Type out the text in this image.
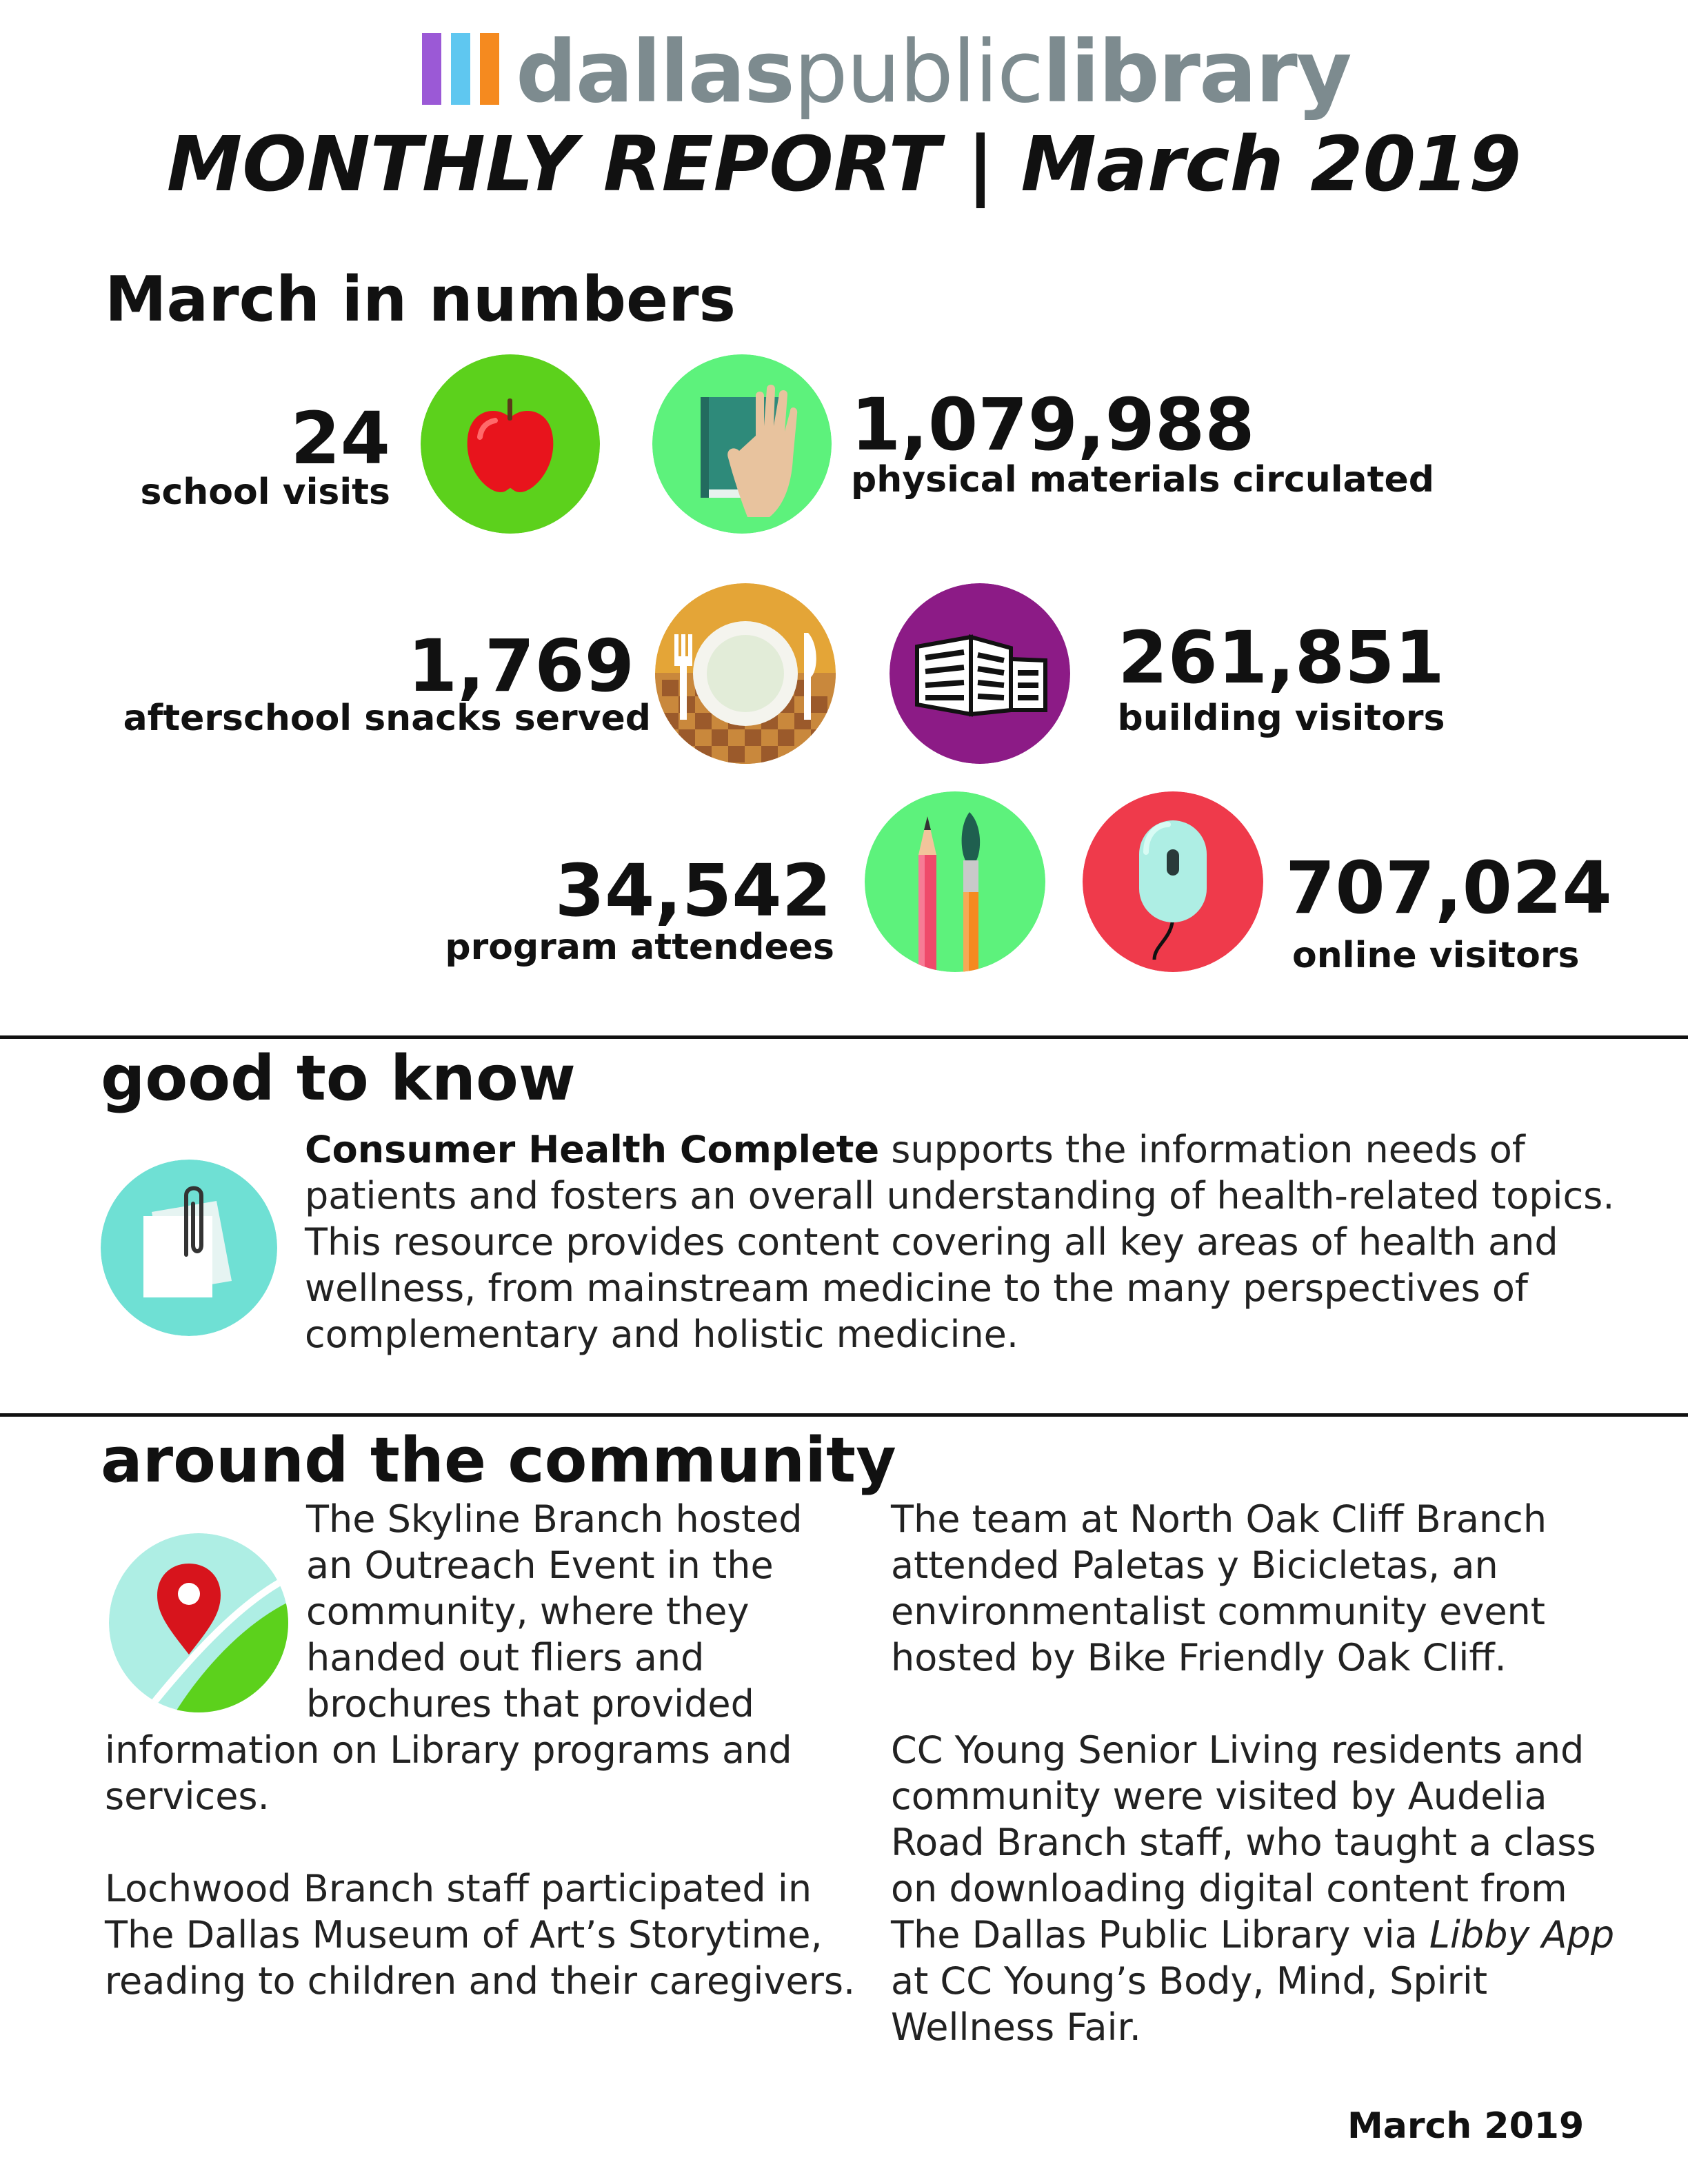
dallaspubliclibrary
MONTHLY REPORT | March 2019
March in numbers
24
school visits
1,079,988
physical materials circulated
1,769
afterschool snacks served
261,851
building visitors
34,542
program attendees
707,024
online visitors
good to know
Consumer Health Complete supports the information needs of patients and fosters an overall understanding of health-related topics. This resource provides content covering all key areas of health and wellness, from mainstream medicine to the many perspectives of complementary and holistic medicine.
around the community
The Skyline Branch hosted
an Outreach Event in the
community, where they
handed out fliers and
brochures that provided
information on Library programs and services.
Lochwood Branch staff participated in The Dallas Museum of Art’s Storytime, reading to children and their caregivers.
The team at North Oak Cliff Branch attended Paletas y Bicicletas, an environmentalist community event hosted by Bike Friendly Oak Cliff.
CC Young Senior Living residents and community were visited by Audelia Road Branch staff, who taught a class on downloading digital content from The Dallas Public Library via Libby App at CC Young’s Body, Mind, Spirit Wellness Fair.
March 2019
